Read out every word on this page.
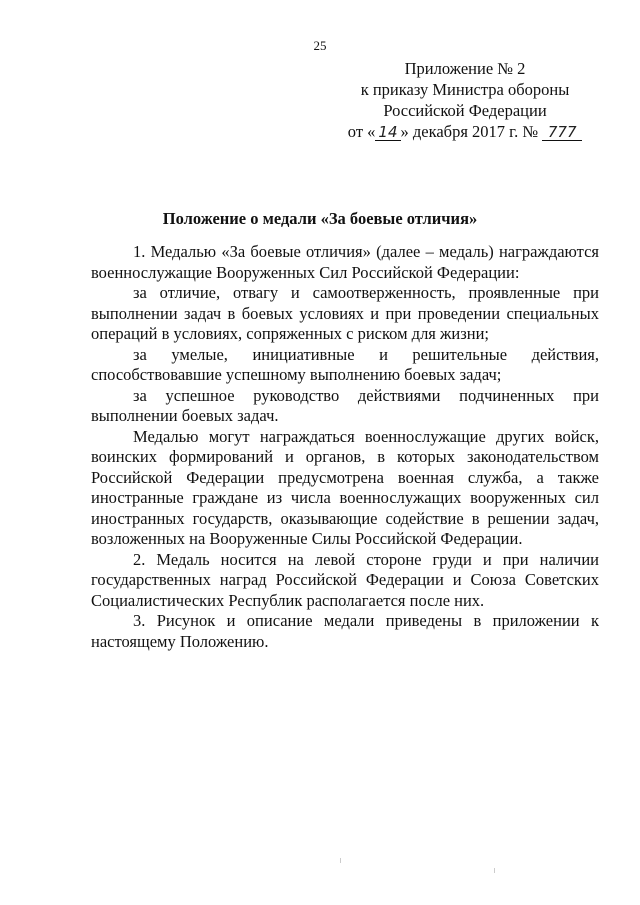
25
Приложение № 2
к приказу Министра обороны
Российской Федерации
от « 14 » декабря 2017 г. № 777
Положение о медали «За боевые отличия»

1. Медалью «За боевые отличия» (далее – медаль) награждаются военнослужащие Вооруженных Сил Российской Федерации:

за отличие, отвагу и самоотверженность, проявленные при выполнении задач в боевых условиях и при проведении специальных операций в условиях, сопряженных с риском для жизни;

за умелые, инициативные и решительные действия, способствовавшие успешному выполнению боевых задач;

за успешное руководство действиями подчиненных при выполнении боевых задач.

Медалью могут награждаться военнослужащие других войск, воинских формирований и органов, в которых законодательством Российской Федерации предусмотрена военная служба, а также иностранные граждане из числа военнослужащих вооруженных сил иностранных государств, оказывающие содействие в решении задач, возложенных на Вооруженные Силы Российской Федерации.

2. Медаль носится на левой стороне груди и при наличии государственных наград Российской Федерации и Союза Советских Социалистических Республик располагается после них.

3. Рисунок и описание медали приведены в приложении к настоящему Положению.
